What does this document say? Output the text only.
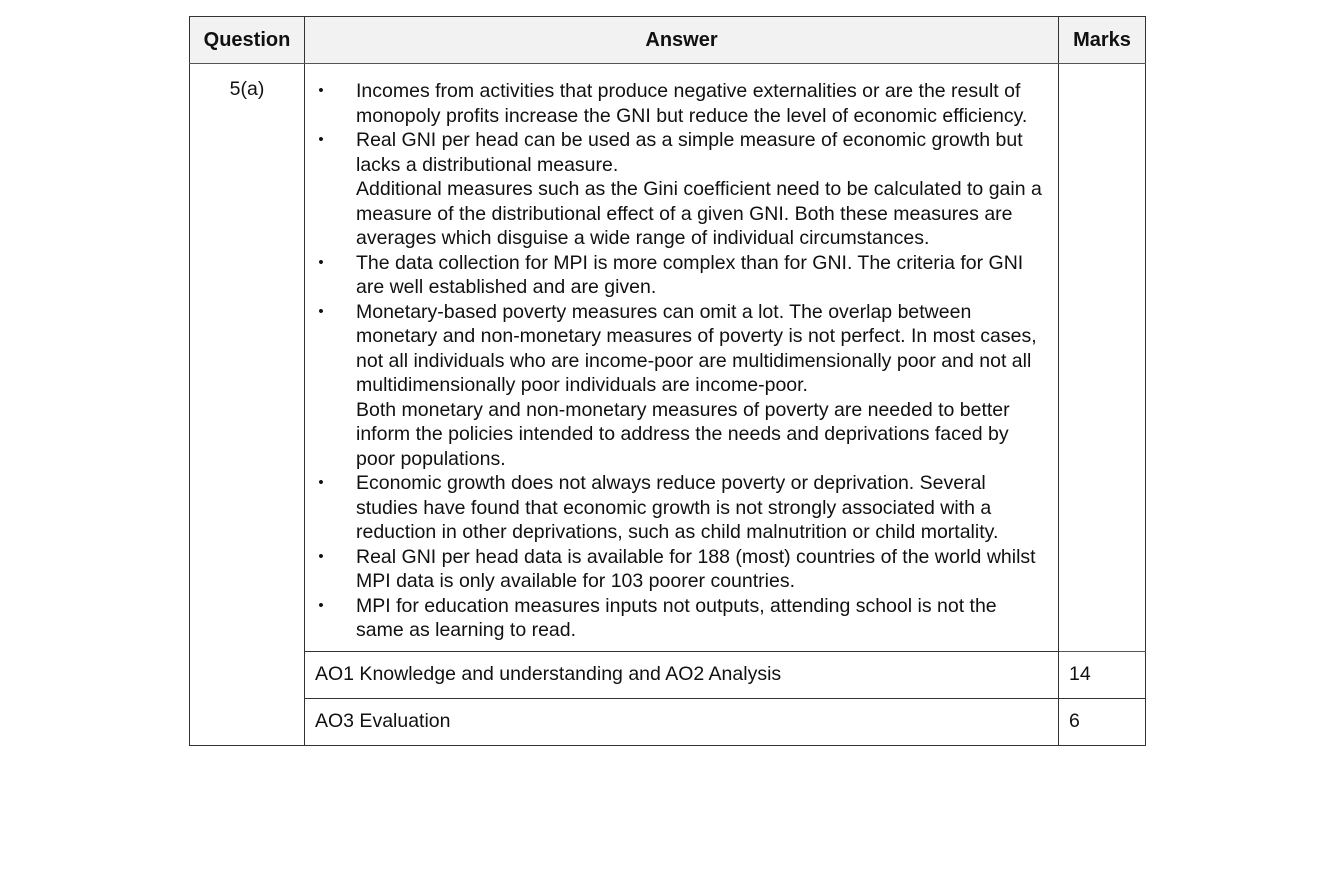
Question	Answer	Marks
5(a)	• Incomes from activities that produce negative externalities or are the result of monopoly profits increase the GNI but reduce the level of economic efficiency.
• Real GNI per head can be used as a simple measure of economic growth but lacks a distributional measure.
Additional measures such as the Gini coefficient need to be calculated to gain a measure of the distributional effect of a given GNI. Both these measures are averages which disguise a wide range of individual circumstances.
• The data collection for MPI is more complex than for GNI. The criteria for GNI are well established and are given.
• Monetary-based poverty measures can omit a lot. The overlap between monetary and non-monetary measures of poverty is not perfect. In most cases, not all individuals who are income-poor are multidimensionally poor and not all multidimensionally poor individuals are income-poor.
Both monetary and non-monetary measures of poverty are needed to better inform the policies intended to address the needs and deprivations faced by poor populations.
• Economic growth does not always reduce poverty or deprivation. Several studies have found that economic growth is not strongly associated with a reduction in other deprivations, such as child malnutrition or child mortality.
• Real GNI per head data is available for 188 (most) countries of the world whilst MPI data is only available for 103 poorer countries.
• MPI for education measures inputs not outputs, attending school is not the same as learning to read.

	AO1 Knowledge and understanding and AO2 Analysis	14
	AO3 Evaluation	6
